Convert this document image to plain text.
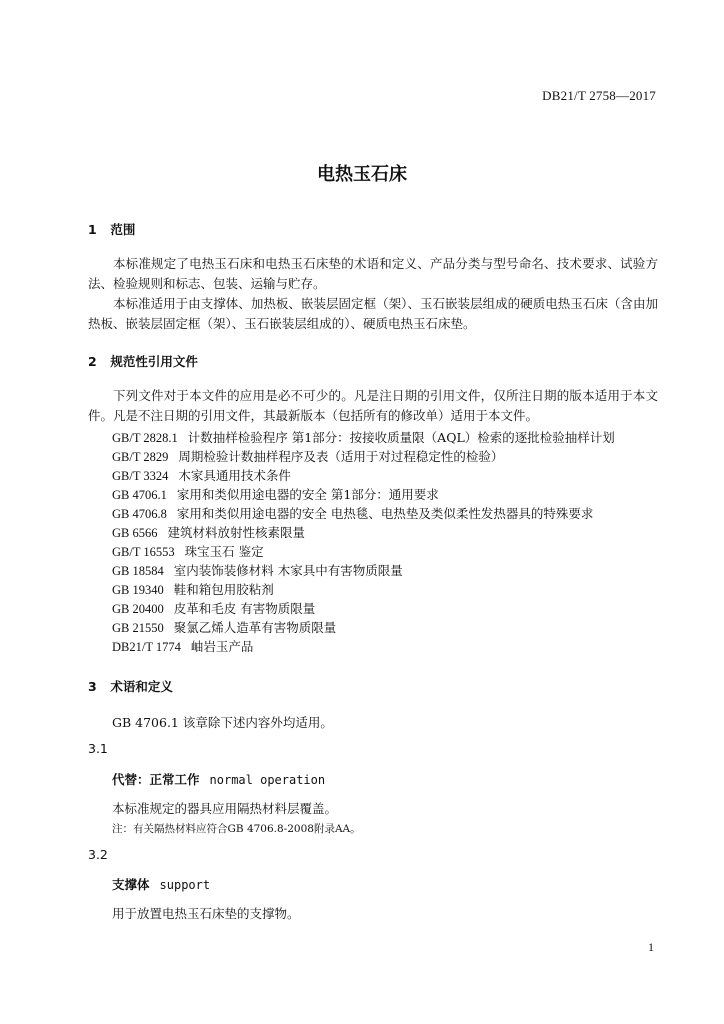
DB21/T 2758—2017
电热玉石床
1 范围

本标准规定了电热玉石床和电热玉石床垫的术语和定义、产品分类与型号命名、技术要求、试验方法、检验规则和标志、包装、运输与贮存。

本标准适用于由支撑体、加热板、嵌装层固定框（架）、玉石嵌装层组成的硬质电热玉石床（含由加热板、嵌装层固定框（架）、玉石嵌装层组成的）、硬质电热玉石床垫。

2 规范性引用文件

下列文件对于本文件的应用是必不可少的。凡是注日期的引用文件，仅所注日期的版本适用于本文件。凡是不注日期的引用文件，其最新版本（包括所有的修改单）适用于本文件。

GB/T 2828.1 计数抽样检验程序 第1部分：按接收质量限（AQL）检索的逐批检验抽样计划
GB/T 2829 周期检验计数抽样程序及表（适用于对过程稳定性的检验）
GB/T 3324 木家具通用技术条件
GB 4706.1 家用和类似用途电器的安全 第1部分：通用要求
GB 4706.8 家用和类似用途电器的安全 电热毯、电热垫及类似柔性发热器具的特殊要求
GB 6566 建筑材料放射性核素限量
GB/T 16553 珠宝玉石 鉴定
GB 18584 室内装饰装修材料 木家具中有害物质限量
GB 19340 鞋和箱包用胶粘剂
GB 20400 皮革和毛皮 有害物质限量
GB 21550 聚氯乙烯人造革有害物质限量
DB21/T 1774 岫岩玉产品
3 术语和定义
GB 4706.1 该章除下述内容外均适用。
3.1
代替：正常工作 normal operation
本标准规定的器具应用隔热材料层覆盖。
注：有关隔热材料应符合GB 4706.8-2008附录AA。
3.2
支撑体 support
用于放置电热玉石床垫的支撑物。
1
